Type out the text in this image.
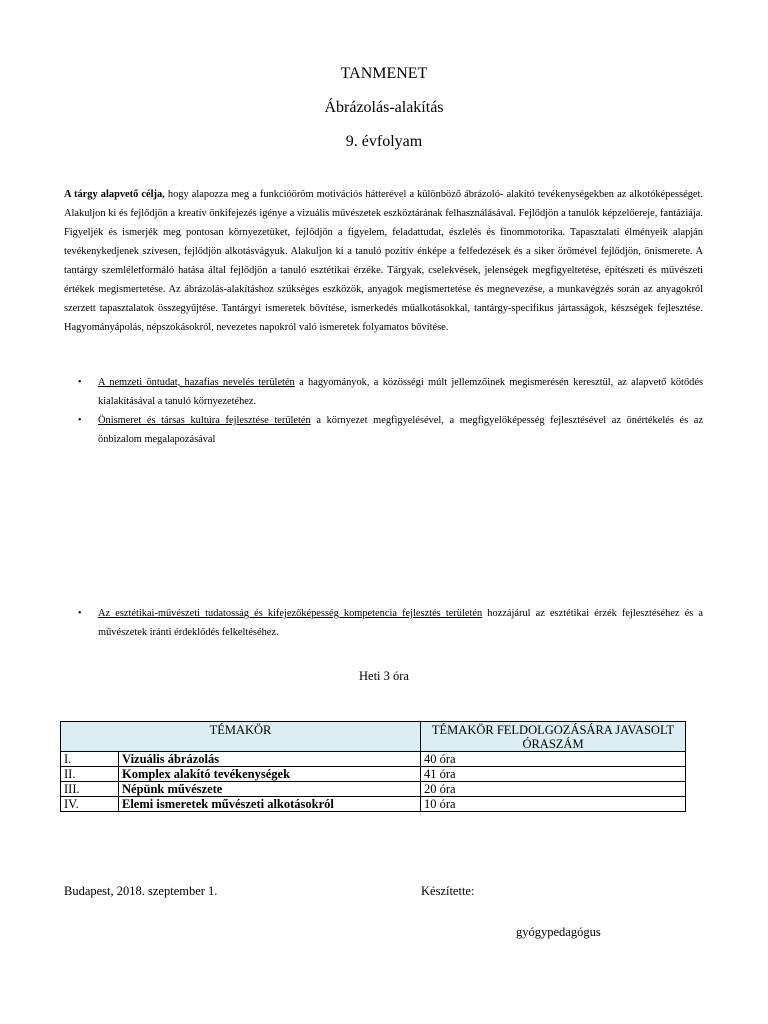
TANMENET
Ábrázolás-alakítás
9. évfolyam

A tárgy alapvető célja, hogy alapozza meg a funkcióöröm motivációs hátterével a különböző ábrázoló- alakító tevékenységekben az alkotóképességet. Alakuljon ki és fejlődjön a kreatív önkifejezés igénye a vizuális művészetek eszköztárának felhasználásával. Fejlődjön a tanulók képzelőereje, fantáziája. Figyeljék és ismerjék meg pontosan környezetüket, fejlődjön a figyelem, feladattudat, észlelés és finommotorika. Tapasztalati élményeik alapján tevékenykedjenek szívesen, fejlődjön alkotásvágyuk. Alakuljon ki a tanuló pozitív énképe a felfedezések és a siker örömével fejlődjön, önismerete. A tantárgy szemléletformáló hatása által fejlődjön a tanuló esztétikai érzéke. Tárgyak, cselekvések, jelenségek megfigyeltetése, építészeti és művészeti értékek megismertetése. Az ábrázolás-alakításhoz szükséges eszközök, anyagok megismertetése és megnevezése, a munkavégzés során az anyagokról szerzett tapasztalatok összegyűjtése. Tantárgyi ismeretek bővítése, ismerkedés műalkotásokkal, tantárgy-specifikus jártasságok, készségek fejlesztése. Hagyományápolás, népszokásokról, nevezetes napokról való ismeretek folyamatos bővítése.

• A nemzeti öntudat, hazafias nevelés területén a hagyományok, a közösségi múlt jellemzőinek megismerésén keresztül, az alapvető kötődés kialakításával a tanuló környezetéhez.
• Önismeret és társas kultúra fejlesztése területén a környezet megfigyelésével, a megfigyelőképesség fejlesztésével az önértékelés és az önbizalom megalapozásával
• Az esztétikai-művészeti tudatosság és kifejezőképesség kompetencia fejlesztés területén hozzájárul az esztétikai érzék fejlesztéséhez és a művészetek iránti érdeklődés felkeltéséhez.
Heti 3 óra
TÉMAKÖR		TÉMAKÖR FELDOLGOZÁSÁRA JAVASOLT ÓRASZÁM
I.	Vizuális ábrázolás	40 óra
II.	Komplex alakító tevékenységek	41 óra
III.	Népünk művészete	20 óra
IV.	Elemi ismeretek művészeti alkotásokról	10 óra
Budapest, 2018. szeptember 1.	Készítette:
gyógypedagógus
